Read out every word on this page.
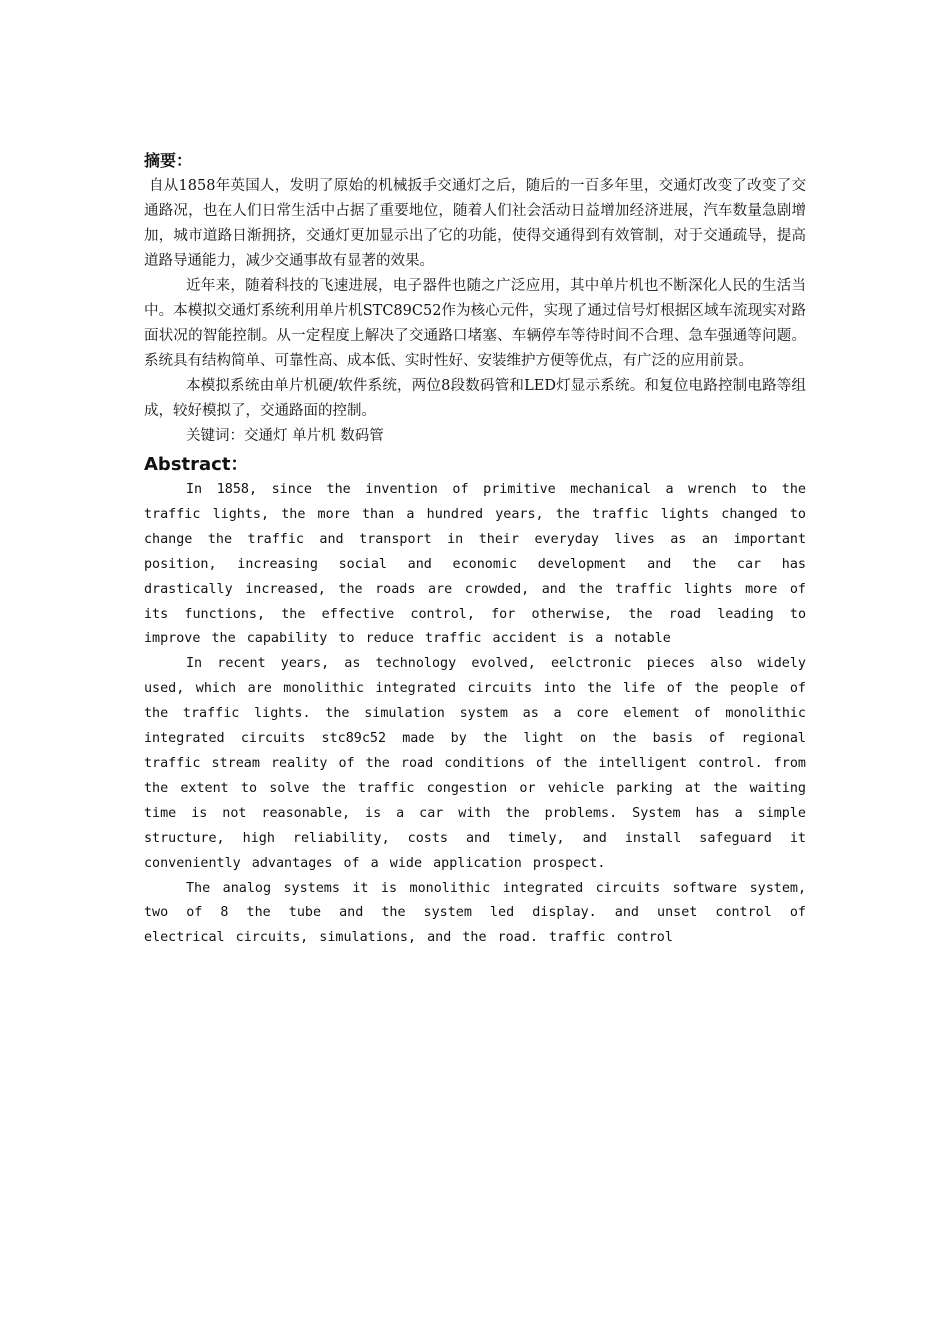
摘要：

自从1858年英国人，发明了原始的机械扳手交通灯之后，随后的一百多年里，交通灯改变了改变了交通路况，也在人们日常生活中占据了重要地位，随着人们社会活动日益增加经济进展，汽车数量急剧增加，城市道路日渐拥挤，交通灯更加显示出了它的功能，使得交通得到有效管制，对于交通疏导，提高道路导通能力，减少交通事故有显著的效果。

近年来，随着科技的飞速进展，电子器件也随之广泛应用，其中单片机也不断深化人民的生活当中。本模拟交通灯系统利用单片机STC89C52作为核心元件，实现了通过信号灯根据区域车流现实对路面状况的智能控制。从一定程度上解决了交通路口堵塞、车辆停车等待时间不合理、急车强通等问题。系统具有结构简单、可靠性高、成本低、实时性好、安装维护方便等优点，有广泛的应用前景。

本模拟系统由单片机硬/软件系统，两位8段数码管和LED灯显示系统。和复位电路控制电路等组成，较好模拟了，交通路面的控制。

关键词：交通灯 单片机 数码管

Abstract：

In 1858, since the invention of primitive mechanical a wrench to the traffic lights, the more than a hundred years, the traffic lights changed to change the traffic and transport in their everyday lives as an important position, increasing social and economic development and the car has drastically increased, the roads are crowded, and the traffic lights more of its functions, the effective control, for otherwise, the road leading to improve the capability to reduce traffic accident is a notable

In recent years, as technology evolved, eelctronic pieces also widely used, which are monolithic integrated circuits into the life of the people of the traffic lights. the simulation system as a core element of monolithic integrated circuits stc89c52 made by the light on the basis of regional traffic stream reality of the road conditions of the intelligent control. from the extent to solve the traffic congestion or vehicle parking at the waiting time is not reasonable, is a car with the problems. System has a simple structure, high reliability, costs and timely, and install safeguard it conveniently advantages of a wide application prospect.

The analog systems it is monolithic integrated circuits software system, two of 8 the tube and the system led display. and unset control of electrical circuits, simulations, and the road. traffic control
